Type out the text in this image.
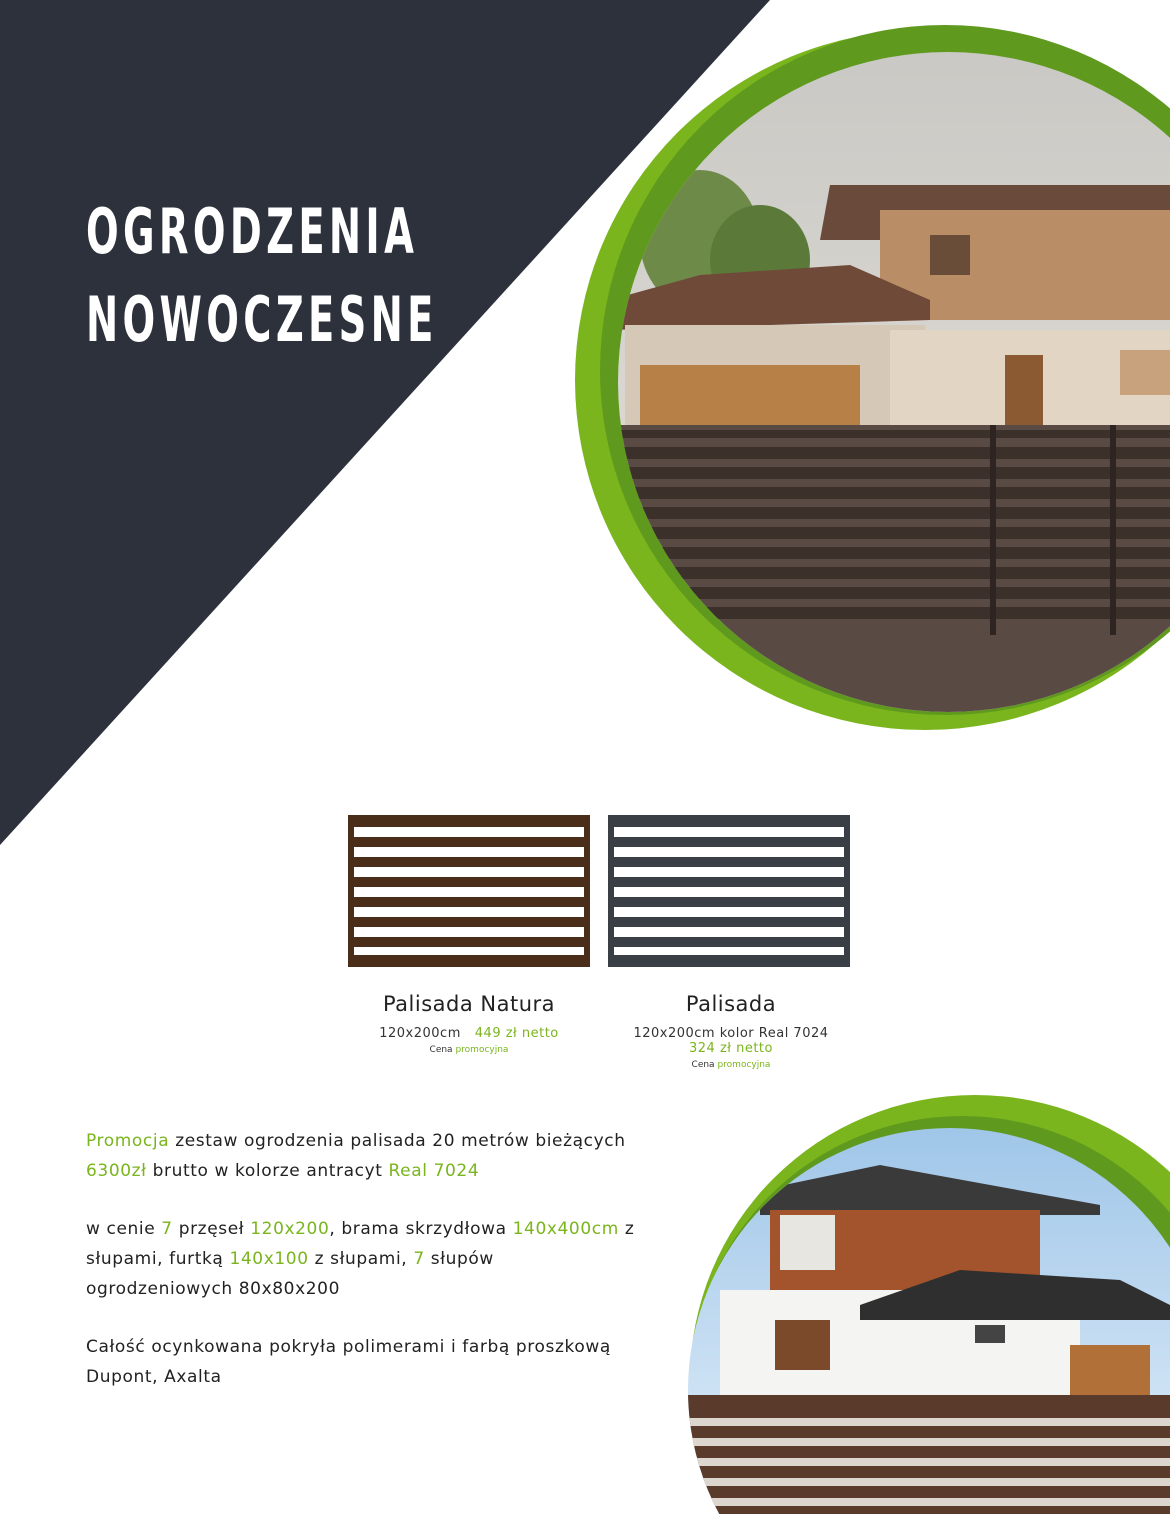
OGRODZENIA
NOWOCZESNE
Palisada Natura
120x200cm 449 zł netto
Cena promocyjna
Palisada
120x200cm kolor Real 7024
324 zł netto
Cena promocyjna

Promocja zestaw ogrodzenia palisada 20 metrów bieżących 6300zł brutto w kolorze antracyt Real 7024

w cenie 7 przęseł 120x200, brama skrzydłowa 140x400cm z słupami, furtką 140x100 z słupami, 7 słupów ogrodzeniowych 80x80x200

Całość ocynkowana pokryła polimerami i farbą proszkową Dupont, Axalta
